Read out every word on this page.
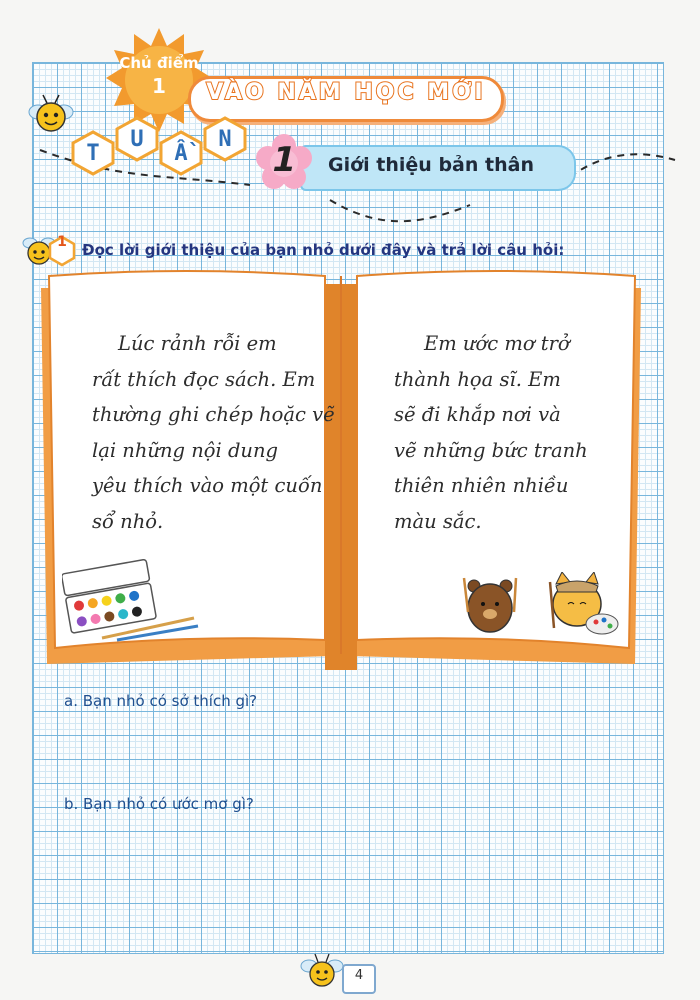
Chủ điểm
1	VÀO NĂM HỌC MỚI
T
U
Ầ
N
Giới thiệu bản thân
1
1	Đọc lời giới thiệu của bạn nhỏ dưới đây và trả lời câu hỏi:
Lúc rảnh rỗi em
rất thích đọc sách. Em
thường ghi chép hoặc vẽ
lại những nội dung
yêu thích vào một cuốn
sổ nhỏ.
Em ước mơ trở
thành họa sĩ. Em
sẽ đi khắp nơi và
vẽ những bức tranh
thiên nhiên nhiều
màu sắc.
a. Bạn nhỏ có sở thích gì?
b. Bạn nhỏ có ước mơ gì?
4
